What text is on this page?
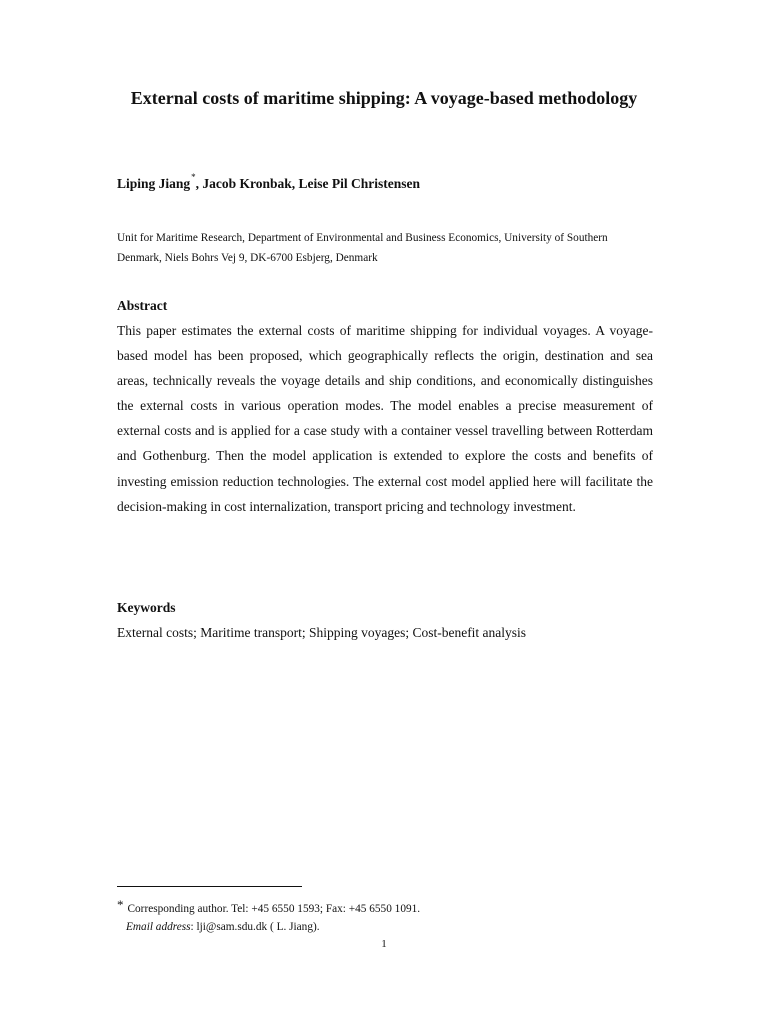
External costs of maritime shipping: A voyage-based methodology
Liping Jiang*, Jacob Kronbak, Leise Pil Christensen
Unit for Maritime Research, Department of Environmental and Business Economics, University of Southern Denmark, Niels Bohrs Vej 9, DK-6700 Esbjerg, Denmark
Abstract
This paper estimates the external costs of maritime shipping for individual voyages. A voyage-based model has been proposed, which geographically reflects the origin, destination and sea areas, technically reveals the voyage details and ship conditions, and economically distinguishes the external costs in various operation modes. The model enables a precise measurement of external costs and is applied for a case study with a container vessel travelling between Rotterdam and Gothenburg. Then the model application is extended to explore the costs and benefits of investing emission reduction technologies. The external cost model applied here will facilitate the decision-making in cost internalization, transport pricing and technology investment.
Keywords
External costs; Maritime transport; Shipping voyages; Cost-benefit analysis
* Corresponding author. Tel: +45 6550 1593; Fax: +45 6550 1091.
Email address: lji@sam.sdu.dk ( L. Jiang).
1
